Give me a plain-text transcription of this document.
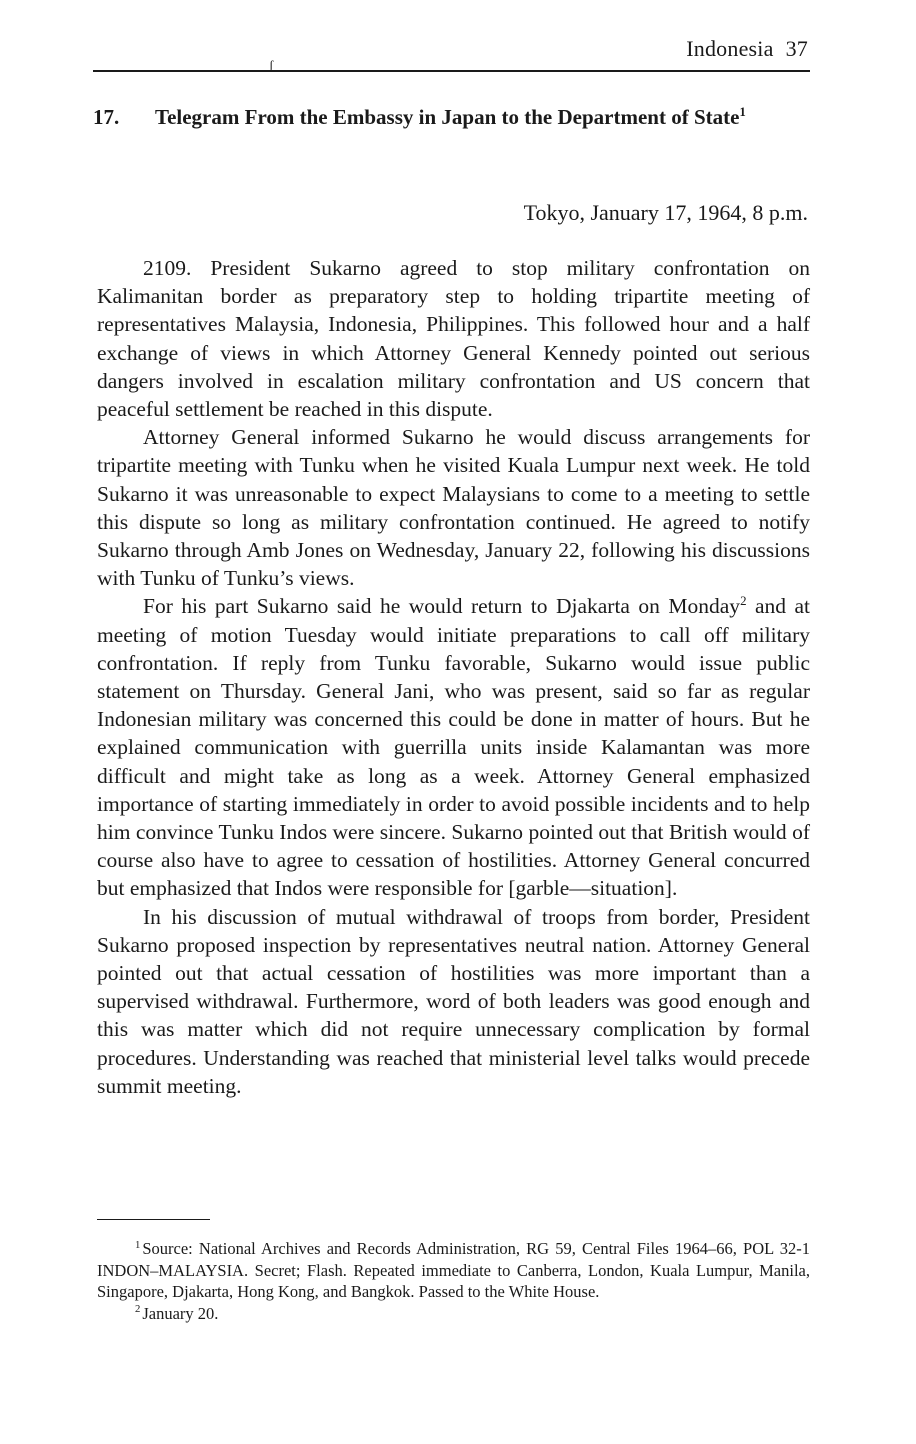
Indonesia 37
ʃ
17.	Telegram From the Embassy in Japan to the Department of State$^1$
Tokyo, January 17, 1964, 8 p.m.

2109. President Sukarno agreed to stop military confrontation on Kalimanitan border as preparatory step to holding tripartite meeting of representatives Malaysia, Indonesia, Philippines. This followed hour and a half exchange of views in which Attorney General Kennedy pointed out serious dangers involved in escalation military confrontation and US concern that peaceful settlement be reached in this dispute.

Attorney General informed Sukarno he would discuss arrangements for tripartite meeting with Tunku when he visited Kuala Lumpur next week. He told Sukarno it was unreasonable to expect Malaysians to come to a meeting to settle this dispute so long as military confrontation continued. He agreed to notify Sukarno through Amb Jones on Wednesday, January 22, following his discussions with Tunku of Tunku’s views.

For his part Sukarno said he would return to Djakarta on Monday$^2$ and at meeting of motion Tuesday would initiate preparations to call off military confrontation. If reply from Tunku favorable, Sukarno would issue public statement on Thursday. General Jani, who was present, said so far as regular Indonesian military was concerned this could be done in matter of hours. But he explained communication with guerrilla units inside Kalamantan was more difficult and might take as long as a week. Attorney General emphasized importance of starting immediately in order to avoid possible incidents and to help him convince Tunku Indos were sincere. Sukarno pointed out that British would of course also have to agree to cessation of hostilities. Attorney General concurred but emphasized that Indos were responsible for [garble—situation].

In his discussion of mutual withdrawal of troops from border, President Sukarno proposed inspection by representatives neutral nation. Attorney General pointed out that actual cessation of hostilities was more important than a supervised withdrawal. Furthermore, word of both leaders was good enough and this was matter which did not require unnecessary complication by formal procedures. Understanding was reached that ministerial level talks would precede summit meeting.

$^1$ Source: National Archives and Records Administration, RG 59, Central Files 1964–66, POL 32-1 INDON–MALAYSIA. Secret; Flash. Repeated immediate to Canberra, London, Kuala Lumpur, Manila, Singapore, Djakarta, Hong Kong, and Bangkok. Passed to the White House.

$^2$ January 20.
